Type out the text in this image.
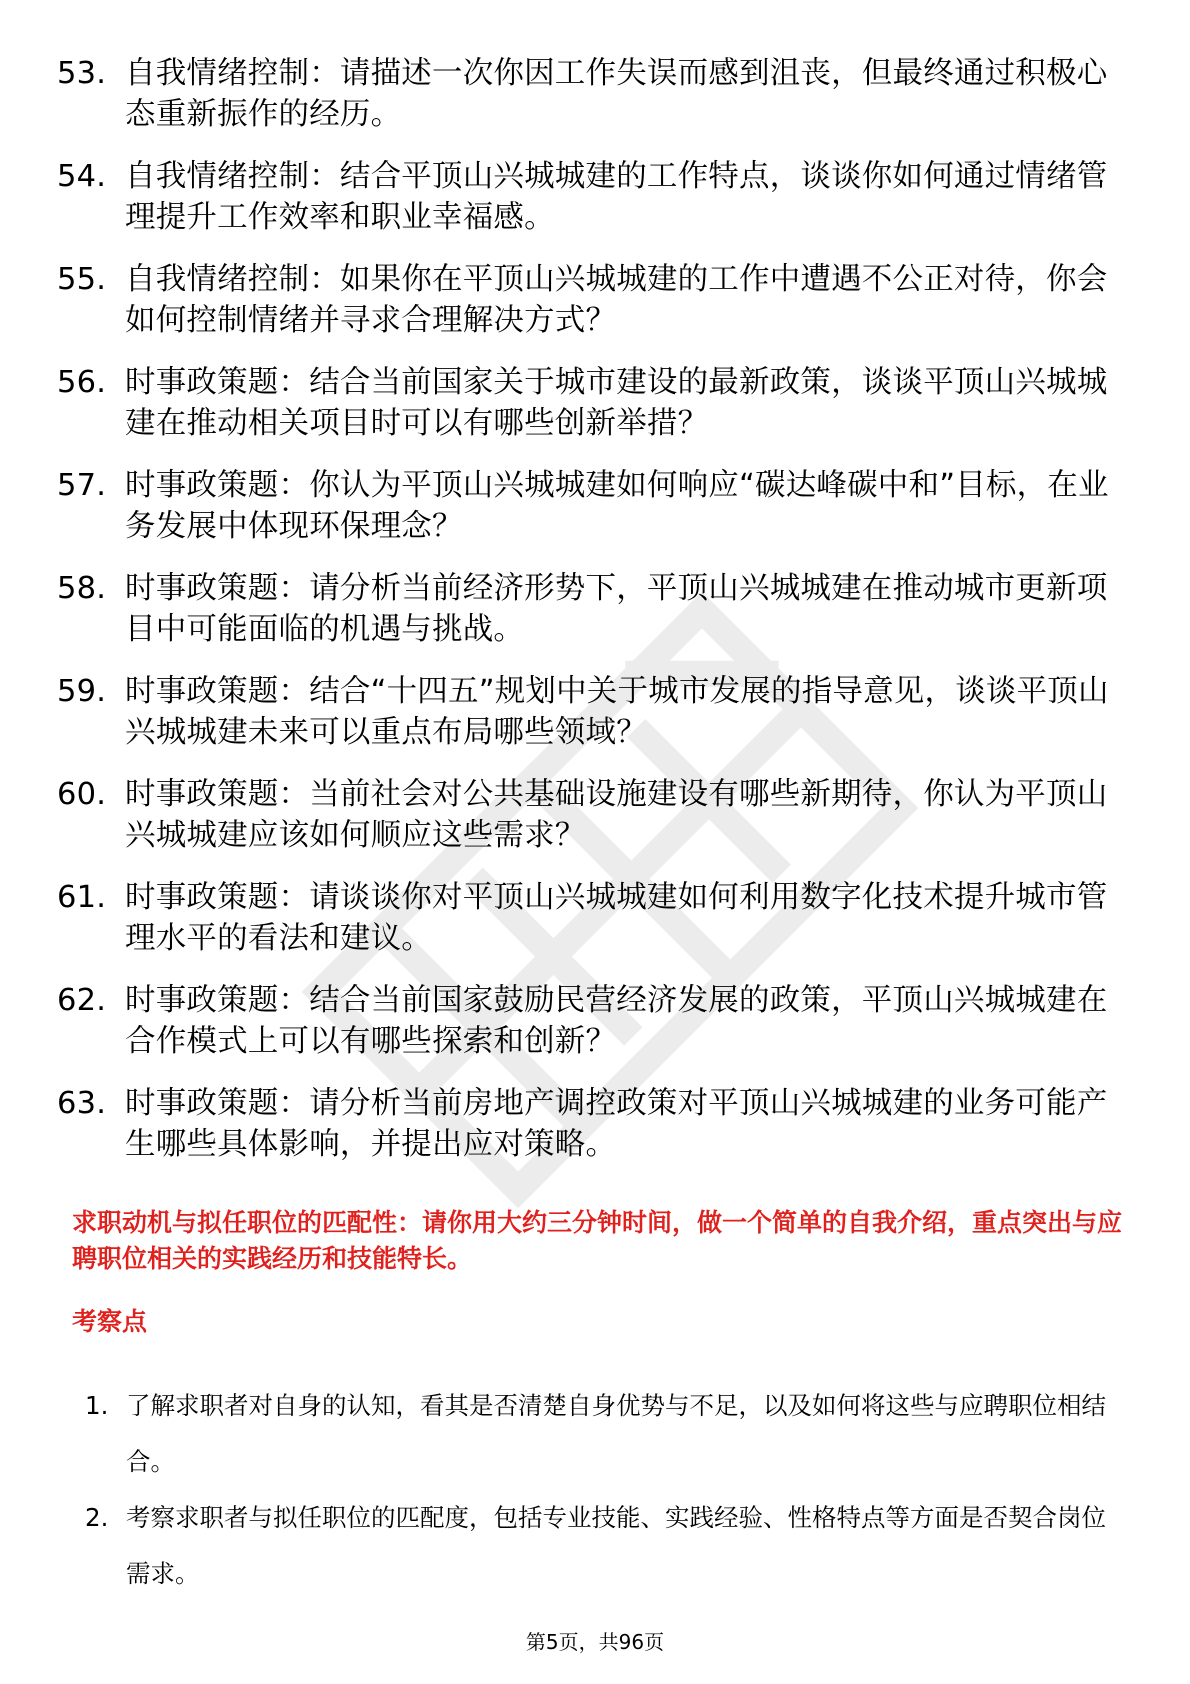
53. 自我情绪控制：请描述一次你因工作失误而感到沮丧，但最终通过积极心态重新振作的经历。
54. 自我情绪控制：结合平顶山兴城城建的工作特点，谈谈你如何通过情绪管理提升工作效率和职业幸福感。
55. 自我情绪控制：如果你在平顶山兴城城建的工作中遭遇不公正对待，你会如何控制情绪并寻求合理解决方式？
56. 时事政策题：结合当前国家关于城市建设的最新政策，谈谈平顶山兴城城建在推动相关项目时可以有哪些创新举措？
57. 时事政策题：你认为平顶山兴城城建如何响应“碳达峰碳中和”目标，在业务发展中体现环保理念？
58. 时事政策题：请分析当前经济形势下，平顶山兴城城建在推动城市更新项目中可能面临的机遇与挑战。
59. 时事政策题：结合“十四五”规划中关于城市发展的指导意见，谈谈平顶山兴城城建未来可以重点布局哪些领域？
60. 时事政策题：当前社会对公共基础设施建设有哪些新期待，你认为平顶山兴城城建应该如何顺应这些需求？
61. 时事政策题：请谈谈你对平顶山兴城城建如何利用数字化技术提升城市管理水平的看法和建议。
62. 时事政策题：结合当前国家鼓励民营经济发展的政策，平顶山兴城城建在合作模式上可以有哪些探索和创新？
63. 时事政策题：请分析当前房地产调控政策对平顶山兴城城建的业务可能产生哪些具体影响，并提出应对策略。

求职动机与拟任职位的匹配性：请你用大约三分钟时间，做一个简单的自我介绍，重点突出与应聘职位相关的实践经历和技能特长。

考察点

1. 了解求职者对自身的认知，看其是否清楚自身优势与不足，以及如何将这些与应聘职位相结合。
2. 考察求职者与拟任职位的匹配度，包括专业技能、实践经验、性格特点等方面是否契合岗位需求。
第5页，共96页
